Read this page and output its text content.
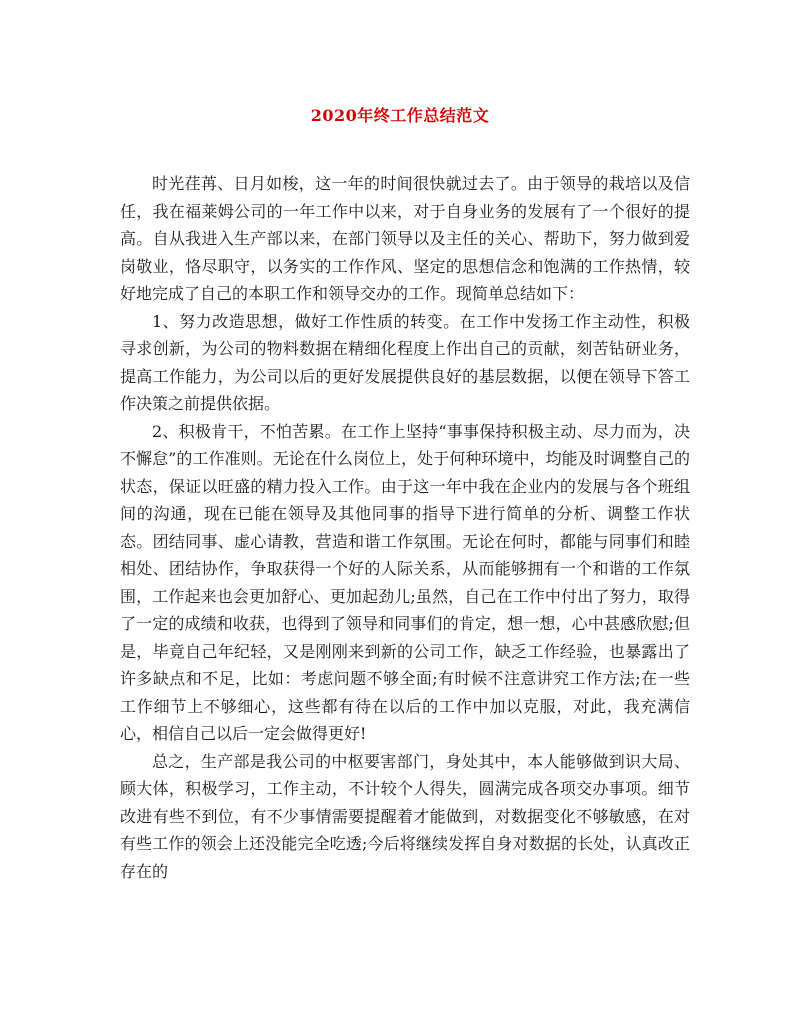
2020年终工作总结范文

时光荏苒、日月如梭，这一年的时间很快就过去了。由于领导的栽培以及信任，我在福莱姆公司的一年工作中以来，对于自身业务的发展有了一个很好的提高。自从我进入生产部以来，在部门领导以及主任的关心、帮助下，努力做到爱岗敬业，恪尽职守，以务实的工作作风、坚定的思想信念和饱满的工作热情，较好地完成了自己的本职工作和领导交办的工作。现简单总结如下：

1、努力改造思想，做好工作性质的转变。在工作中发扬工作主动性，积极寻求创新，为公司的物料数据在精细化程度上作出自己的贡献，刻苦钻研业务，提高工作能力，为公司以后的更好发展提供良好的基层数据，以便在领导下答工作决策之前提供依据。

2、积极肯干，不怕苦累。在工作上坚持“事事保持积极主动、尽力而为，决不懈怠”的工作准则。无论在什么岗位上，处于何种环境中，均能及时调整自己的状态，保证以旺盛的精力投入工作。由于这一年中我在企业内的发展与各个班组间的沟通，现在已能在领导及其他同事的指导下进行简单的分析、调整工作状态。团结同事、虚心请教，营造和谐工作氛围。无论在何时，都能与同事们和睦相处、团结协作，争取获得一个好的人际关系，从而能够拥有一个和谐的工作氛围，工作起来也会更加舒心、更加起劲儿;虽然，自己在工作中付出了努力，取得了一定的成绩和收获，也得到了领导和同事们的肯定，想一想，心中甚感欣慰;但是，毕竟自己年纪轻，又是刚刚来到新的公司工作，缺乏工作经验，也暴露出了许多缺点和不足，比如：考虑问题不够全面;有时候不注意讲究工作方法;在一些工作细节上不够细心，这些都有待在以后的工作中加以克服，对此，我充满信心，相信自己以后一定会做得更好!

总之，生产部是我公司的中枢要害部门，身处其中，本人能够做到识大局、顾大体，积极学习，工作主动，不计较个人得失，圆满完成各项交办事项。细节改进有些不到位，有不少事情需要提醒着才能做到，对数据变化不够敏感，在对有些工作的领会上还没能完全吃透;今后将继续发挥自身对数据的长处，认真改正存在的
